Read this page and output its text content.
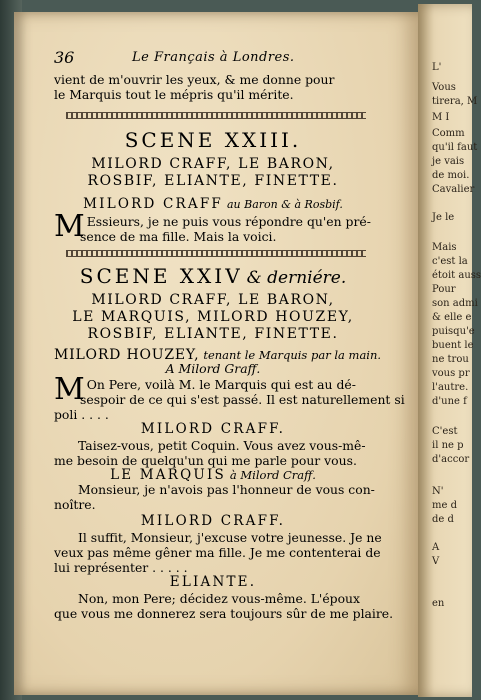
L'
Vous
tirera, M
M I
Comm
qu'il faut
je vais
de moi.
Cavalier
Je le
Mais
c'est la
étoit auss
Pour
son admi
& elle e
puisqu'e
buent le
ne trou
vous pr
l'autre.
d'une f
C'est
il ne p
d'accor
N'
me d
de d
A
V
en
36	Le Français à Londres.
vient de m'ouvrir les yeux, & me donne pour
le Marquis tout le mépris qu'il mérite.
SCENE XXIII.
MILORD CRAFF, LE BARON,
ROSBIF, ELIANTE, FINETTE.
MILORD CRAFF au Baron & à Rosbif.
M Essieurs, je ne puis vous répondre qu'en pré-
sence de ma fille. Mais la voici.
SCENE XXIV & derniére.
MILORD CRAFF, LE BARON,
LE MARQUIS, MILORD HOUZEY,
ROSBIF, ELIANTE, FINETTE.
MILORD HOUZEY, tenant le Marquis par la main.
A Milord Graff.
M On Pere, voilà M. le Marquis qui est au dé-
sespoir de ce qui s'est passé. Il est naturellement si
poli . . . .
MILORD CRAFF.
Taisez-vous, petit Coquin. Vous avez vous-mê-
me besoin de quelqu'un qui me parle pour vous.
LE MARQUIS à Milord Craff.
Monsieur, je n'avois pas l'honneur de vous con-
noître.
MILORD CRAFF.
Il suffit, Monsieur, j'excuse votre jeunesse. Je ne
veux pas même gêner ma fille. Je me contenterai de
lui représenter . . . . .
ELIANTE.
Non, mon Pere; décidez vous-même. L'époux
que vous me donnerez sera toujours sûr de me plaire.
